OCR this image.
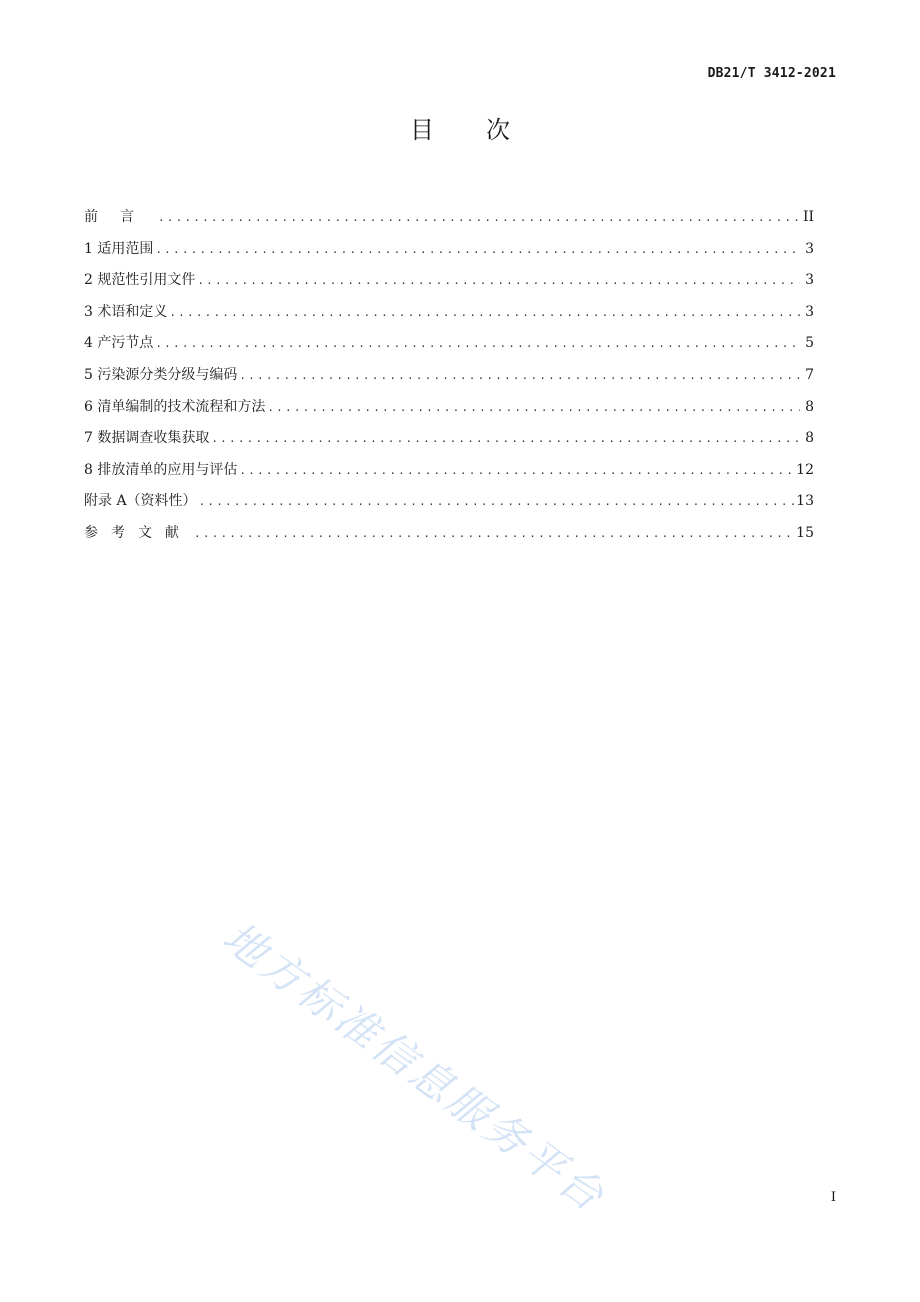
DB21/T 3412-2021
目次
前言 .....	II
1 适用范围 .....	3
2 规范性引用文件 .....	3
3 术语和定义 .....	3
4 产污节点 .....	5
5 污染源分类分级与编码 .....	7
6 清单编制的技术流程和方法 .....	8
7 数据调查收集获取 .....	8
8 排放清单的应用与评估 .....	12
附录 A（资料性） .....	13
参考文献 .....	15
地方标准信息服务平台	I
